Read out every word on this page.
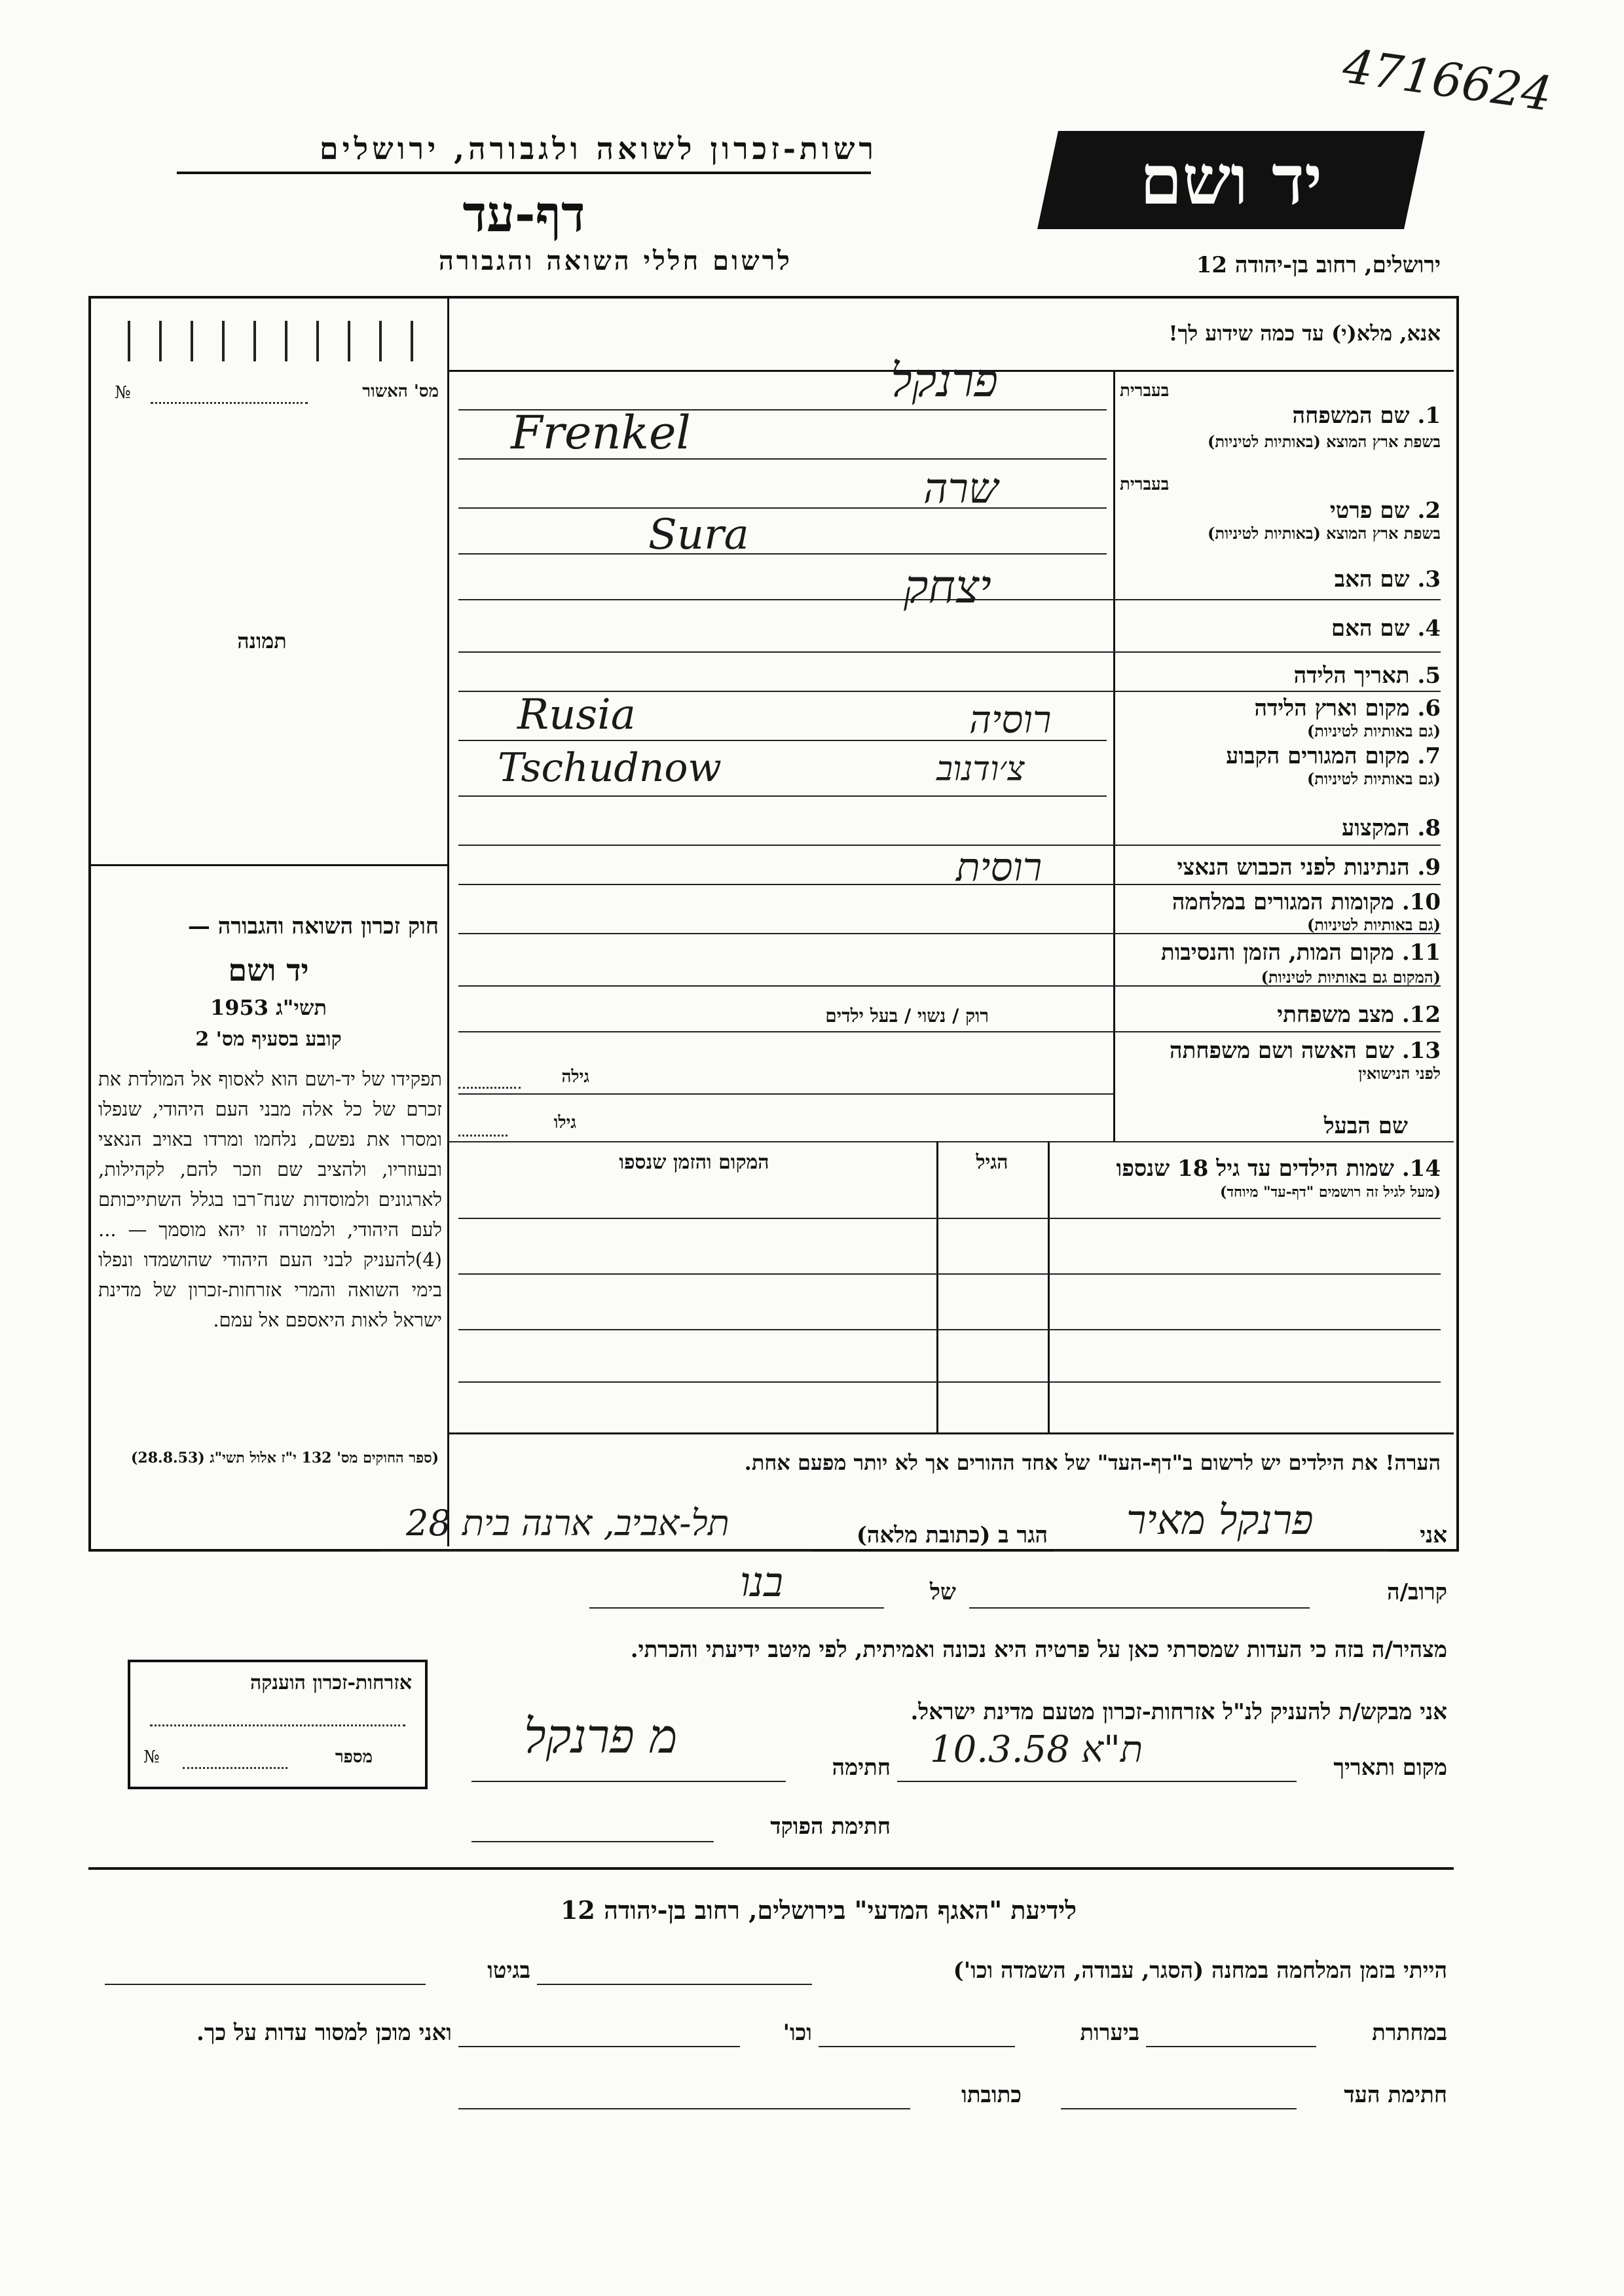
4716624
יד ושם
רשות-זכרון לשואה ולגבורה, ירושלים
דף-עד
לרשום חללי השואה והגבורה	ירושלים, רחוב בן-יהודה 12
מס' האשור
№
תמונה
חוק זכרון השואה והגבורה —
יד ושם
תשי"ג 1953
קובע בסעיף מס' 2
תפקידו של יד-ושם הוא לאסוף אל המולדת את זכרם של כל אלה מבני העם היהודי, שנפלו ומסרו את נפשם, נלחמו ומרדו באויב הנאצי ובעוזריו, ולהציב שם וזכר להם, לקהילות, לארגונים ולמוסדות שנח־רבו בגלל השתייכותם לעם היהודי, ולמטרה זו יהא מוסמך — ...(4)להעניק לבני העם היהודי שהושמדו ונפלו בימי השואה והמרי אזרחות-זכרון של מדינת ישראל לאות היאספם אל עמם.
(ספר החוקים מס' 132 י"ז אלול תשי"ג (28.8.53)
אנא, מלא(י) עד כמה שידוע לך!
בעברית
1. שם המשפחה
בשפת ארץ המוצא (באותיות לטיניות)
פרנקל
Frenkel
בעברית
2. שם פרטי
בשפת ארץ המוצא (באותיות לטיניות)
שרה
Sura
3. שם האב
יצחק
4. שם האם
5. תאריך הלידה
6. מקום וארץ הלידה
(גם באותיות לטיניות)
Rusia	רוסיה
7. מקום המגורים הקבוע
(גם באותיות לטיניות)
Tschudnow	צ׳ודנוב
8. המקצוע
9. הנתינות לפני הכבוש הנאצי
רוסית
10. מקומות המגורים במלחמה
(גם באותיות לטיניות)
11. מקום המות, הזמן והנסיבות
(המקום גם באותיות לטיניות)
12. מצב משפחתי
רוק / נשוי / בעל ילדים
13. שם האשה ושם משפחתה
לפני הנישואין
גילה
שם הבעל
גילו
14. שמות הילדים עד גיל 18 שנספו
(מעל לגיל זה רושמים "דף-עד" מיוחד)
הגיל
המקום והזמן שנספו
הערה! את הילדים יש לרשום ב"דף-העד" של אחד ההורים אך לא יותר מפעם אחת.
אני
פרנקל מאיר
הגר ב (כתובת מלאה)
תל-אביב, ארנה בית 28
קרוב/ה
של
בנו
מצהיר/ה בזה כי העדות שמסרתי כאן על פרטיה היא נכונה ואמיתית, לפי מיטב ידיעתי והכרתי.
אני מבקש/ת להעניק לנ"ל אזרחות-זכרון מטעם מדינת ישראל.
מקום ותאריך
ת"א 10.3.58
חתימה
מ פרנקל
חתימת הפוקד
אזרחות-זכרון הוענקה
מספר
№
לידיעת "האגף המדעי" בירושלים, רחוב בן-יהודה 12
הייתי בזמן המלחמה במחנה (הסגר, עבודה, השמדה וכו')
בגיטו
במחתרת
ביערות
וכו'
ואני מוכן למסור עדות על כך.
חתימת העד
כתובתו
